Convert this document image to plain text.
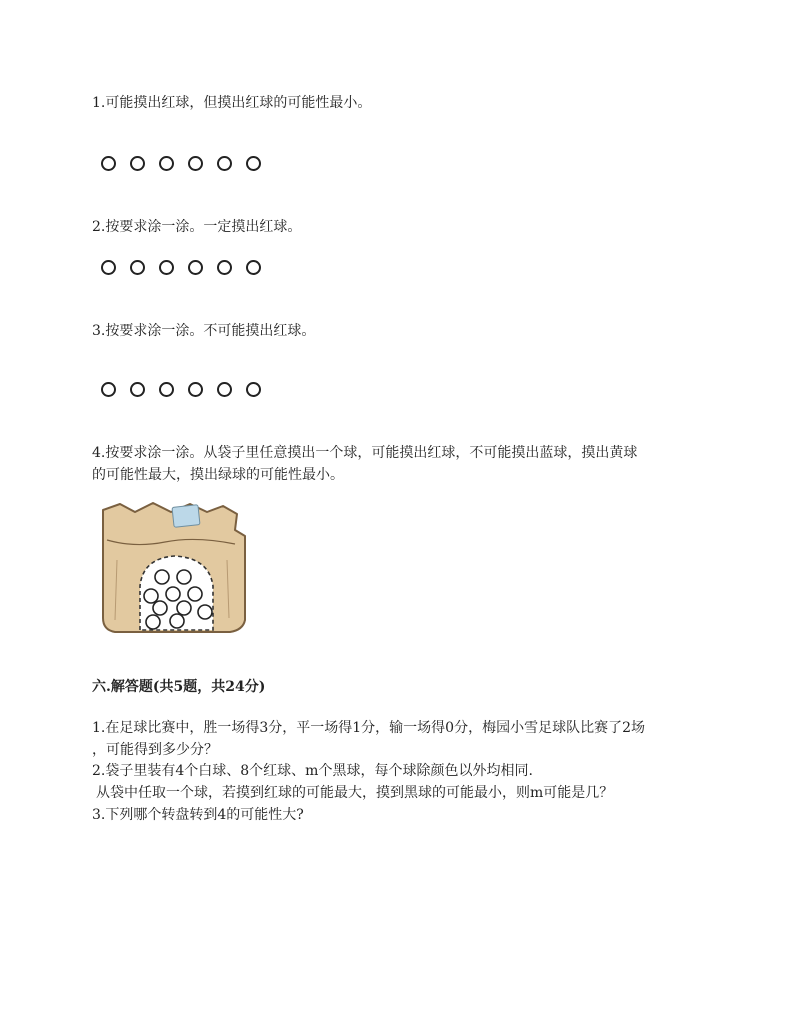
1.可能摸出红球，但摸出红球的可能性最小。
2.按要求涂一涂。一定摸出红球。
3.按要求涂一涂。不可能摸出红球。
4.按要求涂一涂。从袋子里任意摸出一个球，可能摸出红球，不可能摸出蓝球，摸出黄球
的可能性最大，摸出绿球的可能性最小。
六.解答题(共5题，共24分)
1.在足球比赛中，胜一场得3分，平一场得1分，输一场得0分，梅园小雪足球队比赛了2场
，可能得到多少分？
2.袋子里装有4个白球、8个红球、m个黑球，每个球除颜色以外均相同.
从袋中任取一个球，若摸到红球的可能最大，摸到黑球的可能最小，则m可能是几？
3.下列哪个转盘转到4的可能性大?
